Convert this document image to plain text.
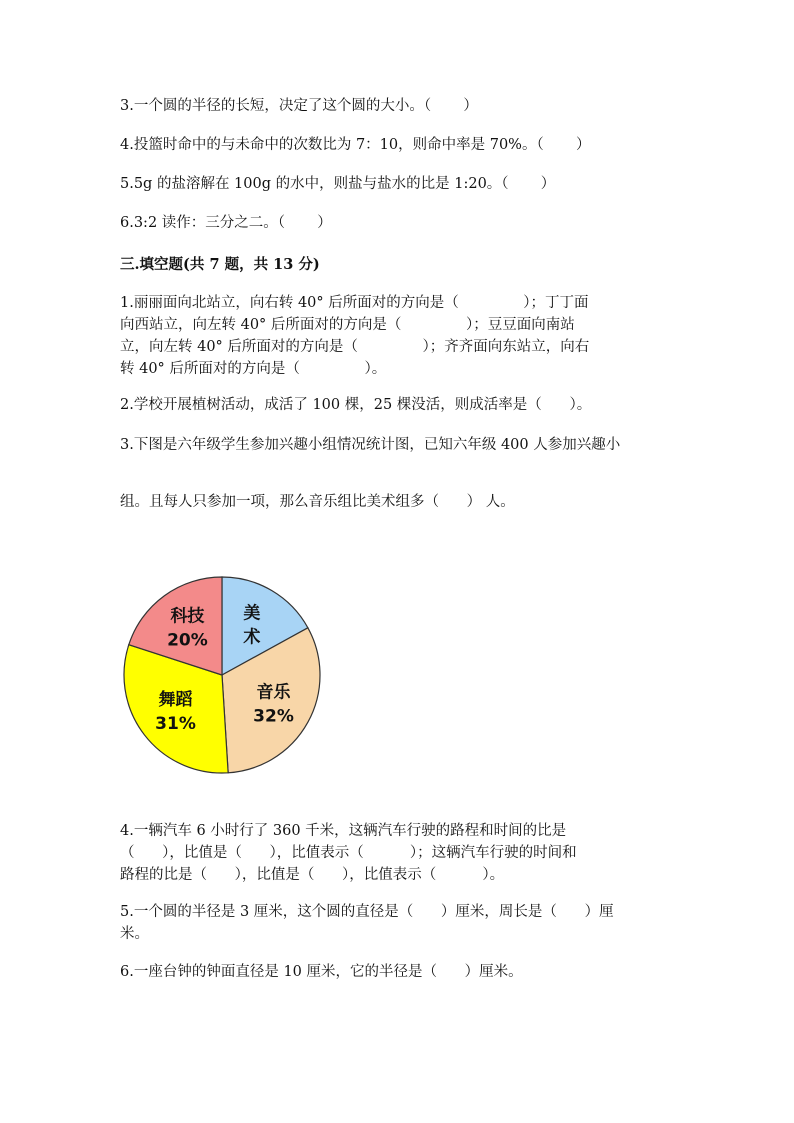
3.一个圆的半径的长短，决定了这个圆的大小。（       ）
4.投篮时命中的与未命中的次数比为 7：10，则命中率是 70%。（       ）
5.5g 的盐溶解在 100g 的水中，则盐与盐水的比是 1:20。（       ）
6.3:2 读作：三分之二。（       ）
三.填空题(共 7 题，共 13 分)
1.丽丽面向北站立，向右转 40° 后所面对的方向是（              ）；丁丁面
向西站立，向左转 40° 后所面对的方向是（              ）；豆豆面向南站
立，向左转 40° 后所面对的方向是（              ）；齐齐面向东站立，向右
转 40° 后所面对的方向是（              ）。
2.学校开展植树活动，成活了 100 棵，25 棵没活，则成活率是（      ）。
3.下图是六年级学生参加兴趣小组情况统计图，已知六年级 400 人参加兴趣小
组。且每人只参加一项，那么音乐组比美术组多（      ） 人。
美
术
音乐
32%
舞蹈
31%
科技
20%
4.一辆汽车 6 小时行了 360 千米，这辆汽车行驶的路程和时间的比是
（      ），比值是（      ），比值表示（          ）；这辆汽车行驶的时间和
路程的比是（      ），比值是（      ），比值表示（          ）。
5.一个圆的半径是 3 厘米，这个圆的直径是（      ）厘米，周长是（      ）厘
米。
6.一座台钟的钟面直径是 10 厘米，它的半径是（      ）厘米。
